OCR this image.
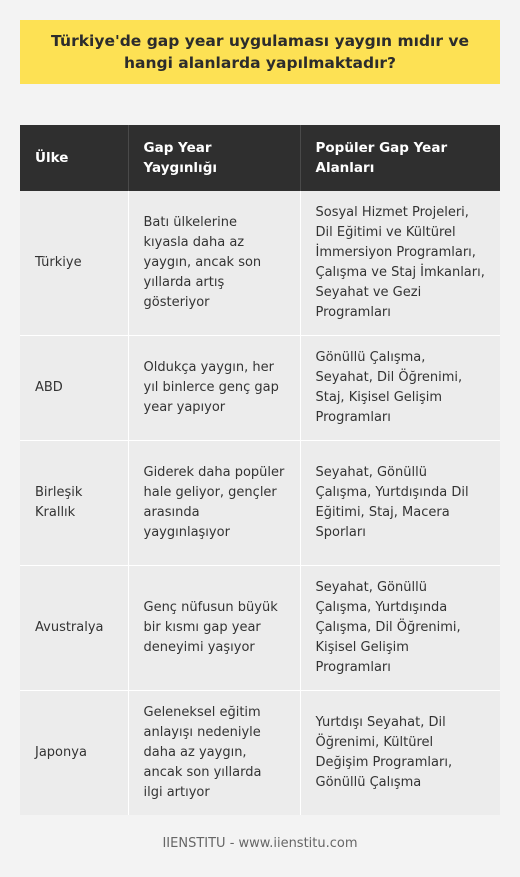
Türkiye'de gap year uygulaması yaygın mıdır ve hangi alanlarda yapılmaktadır?
Ülke	Gap Year Yaygınlığı	Popüler Gap Year Alanları
Türkiye	Batı ülkelerine kıyasla daha az yaygın, ancak son yıllarda artış gösteriyor	Sosyal Hizmet Projeleri, Dil Eğitimi ve Kültürel İmmersiyon Programları, Çalışma ve Staj İmkanları, Seyahat ve Gezi Programları
ABD	Oldukça yaygın, her yıl binlerce genç gap year yapıyor	Gönüllü Çalışma, Seyahat, Dil Öğrenimi, Staj, Kişisel Gelişim Programları
Birleşik Krallık	Giderek daha popüler hale geliyor, gençler arasında yaygınlaşıyor	Seyahat, Gönüllü Çalışma, Yurtdışında Dil Eğitimi, Staj, Macera Sporları
Avustralya	Genç nüfusun büyük bir kısmı gap year deneyimi yaşıyor	Seyahat, Gönüllü Çalışma, Yurtdışında Çalışma, Dil Öğrenimi, Kişisel Gelişim Programları
Japonya	Geleneksel eğitim anlayışı nedeniyle daha az yaygın, ancak son yıllarda ilgi artıyor	Yurtdışı Seyahat, Dil Öğrenimi, Kültürel Değişim Programları, Gönüllü Çalışma
IIENSTITU - www.iienstitu.com
